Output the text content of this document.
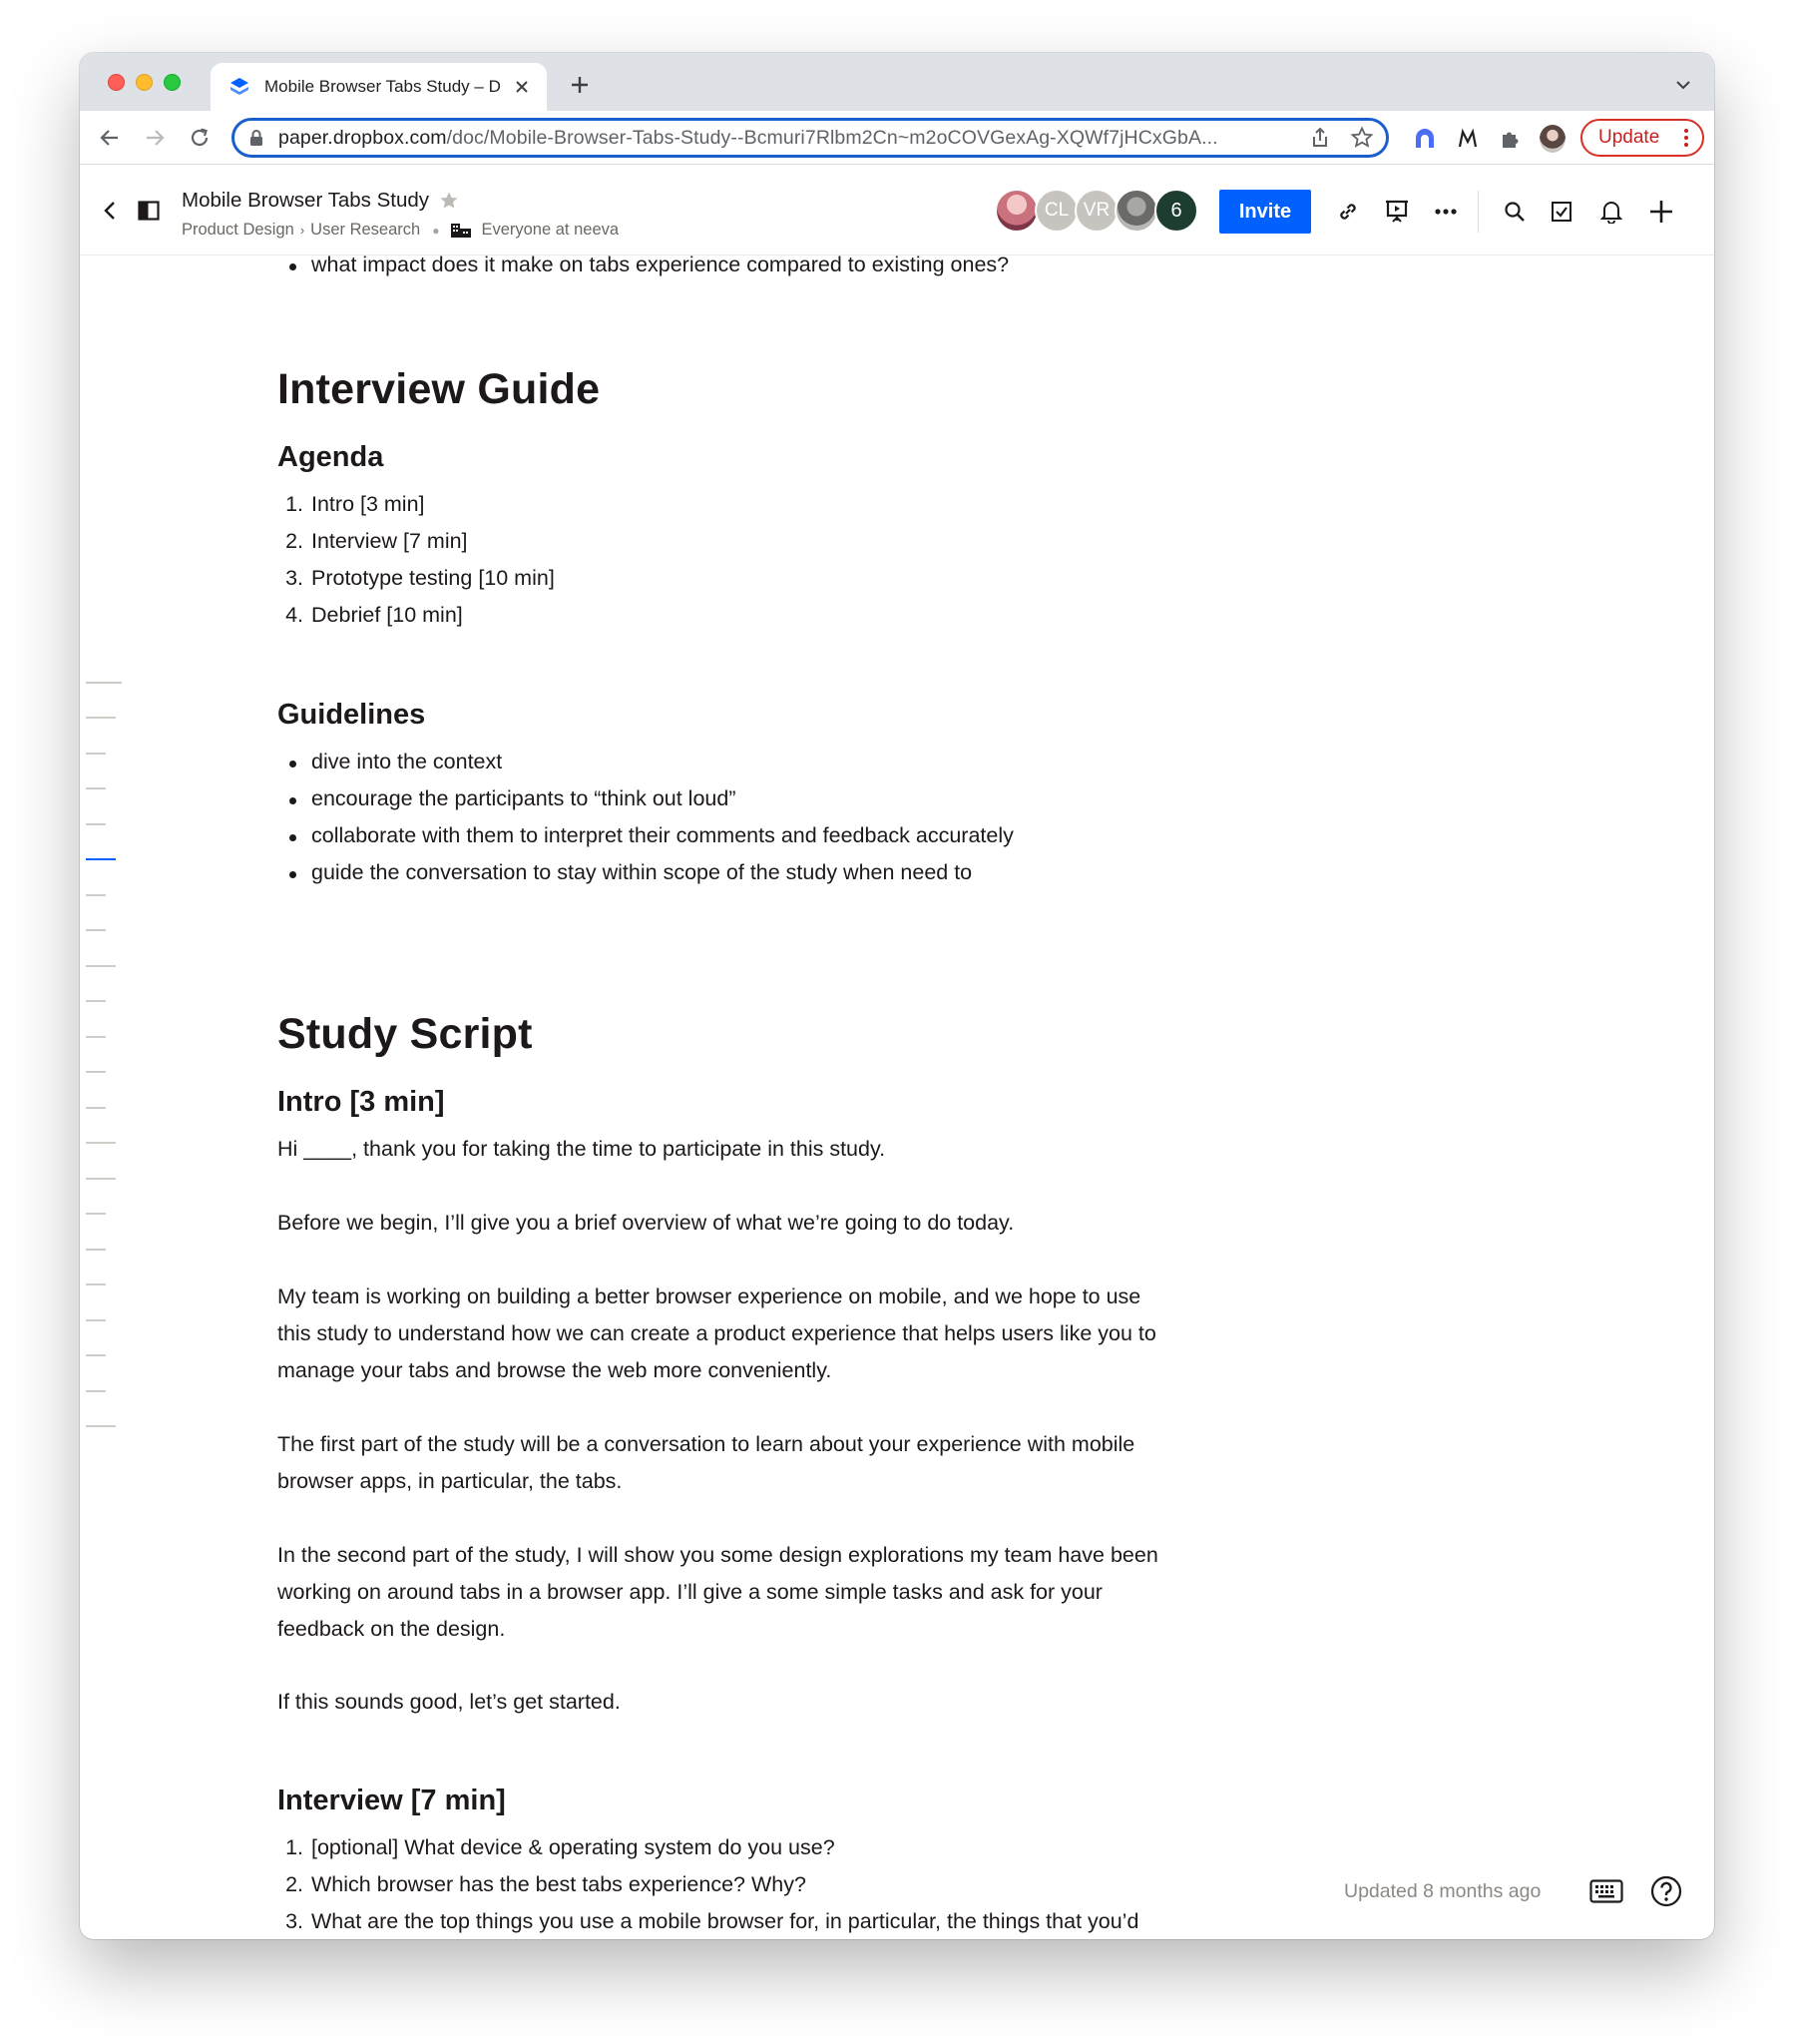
Mobile Browser Tabs Study – D
paper.dropbox.com/doc/Mobile-Browser-Tabs-Study--Bcmuri7Rlbm2Cn~m2oCOVGexAg-XQWf7jHCxGbA...	Update
Mobile Browser Tabs Study
Product Design › User Research ●	Everyone at neeva
CL VR	6	Invite
what impact does it make on tabs experience compared to existing ones?
Interview Guide
Agenda
1. Intro [3 min]
2. Interview [7 min]
3. Prototype testing [10 min]
4. Debrief [10 min]
Guidelines
dive into the context
encourage the participants to “think out loud”
collaborate with them to interpret their comments and feedback accurately
guide the conversation to stay within scope of the study when need to
Study Script
Intro [3 min]
Hi ____, thank you for taking the time to participate in this study.
Before we begin, I’ll give you a brief overview of what we’re going to do today.
My team is working on building a better browser experience on mobile, and we hope to use
this study to understand how we can create a product experience that helps users like you to
manage your tabs and browse the web more conveniently.
The first part of the study will be a conversation to learn about your experience with mobile
browser apps, in particular, the tabs.
In the second part of the study, I will show you some design explorations my team have been
working on around tabs in a browser app. I’ll give a some simple tasks and ask for your
feedback on the design.
If this sounds good, let’s get started.
Interview [7 min]
1. [optional] What device & operating system do you use?
2. Which browser has the best tabs experience? Why?
3. What are the top things you use a mobile browser for, in particular, the things that you’d
Updated 8 months ago
